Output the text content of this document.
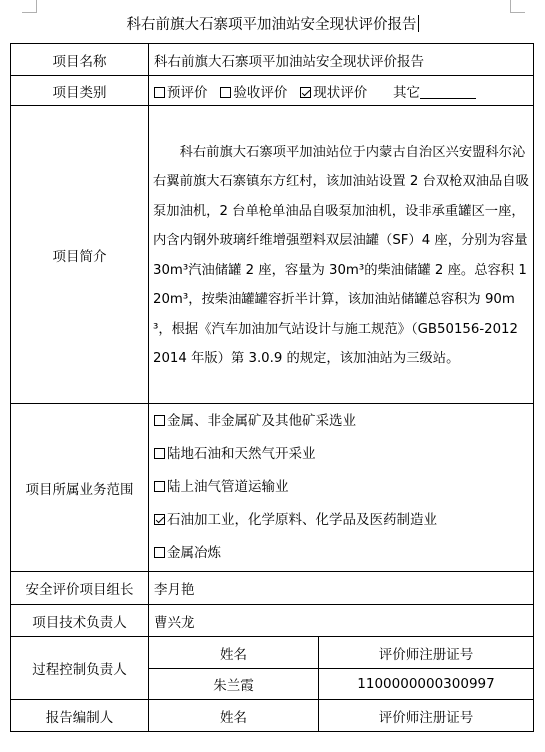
科右前旗大石寨项平加油站安全现状评价报告
项目名称	科右前旗大石寨项平加油站安全现状评价报告	
项目类别	预评价 验收评价 现状评价 其它	
项目简介	科右前旗大石寨项平加油站位于内蒙古自治区兴安盟科尔沁右翼前旗大石寨镇东方红村，该加油站设置 2 台双枪双油品自吸泵加油机，2 台单枪单油品自吸泵加油机，设非承重罐区一座，内含内钢外玻璃纤维增强塑料双层油罐（SF）4 座，分别为容量 30m³汽油储罐 2 座，容量为 30m³的柴油储罐 2 座。总容积 120m³，按柴油罐罐容折半计算，该加油站储罐总容积为 90m³，根据《汽车加油加气站设计与施工规范》（GB50156-2012 2014 年版）第 3.0.9 的规定，该加油站为三级站。	

项目所属业务范围	金属、非金属矿及其他矿采选业
陆地石油和天然气开采业
陆上油气管道运输业
石油加工业，化学原料、化学品及医药制造业
金属冶炼	

安全评价项目组长	李月艳	
项目技术负责人	曹兴龙	
过程控制负责人	姓名	评价师注册证号
	朱兰霞	1100000000300997
报告编制人	姓名	评价师注册证号
